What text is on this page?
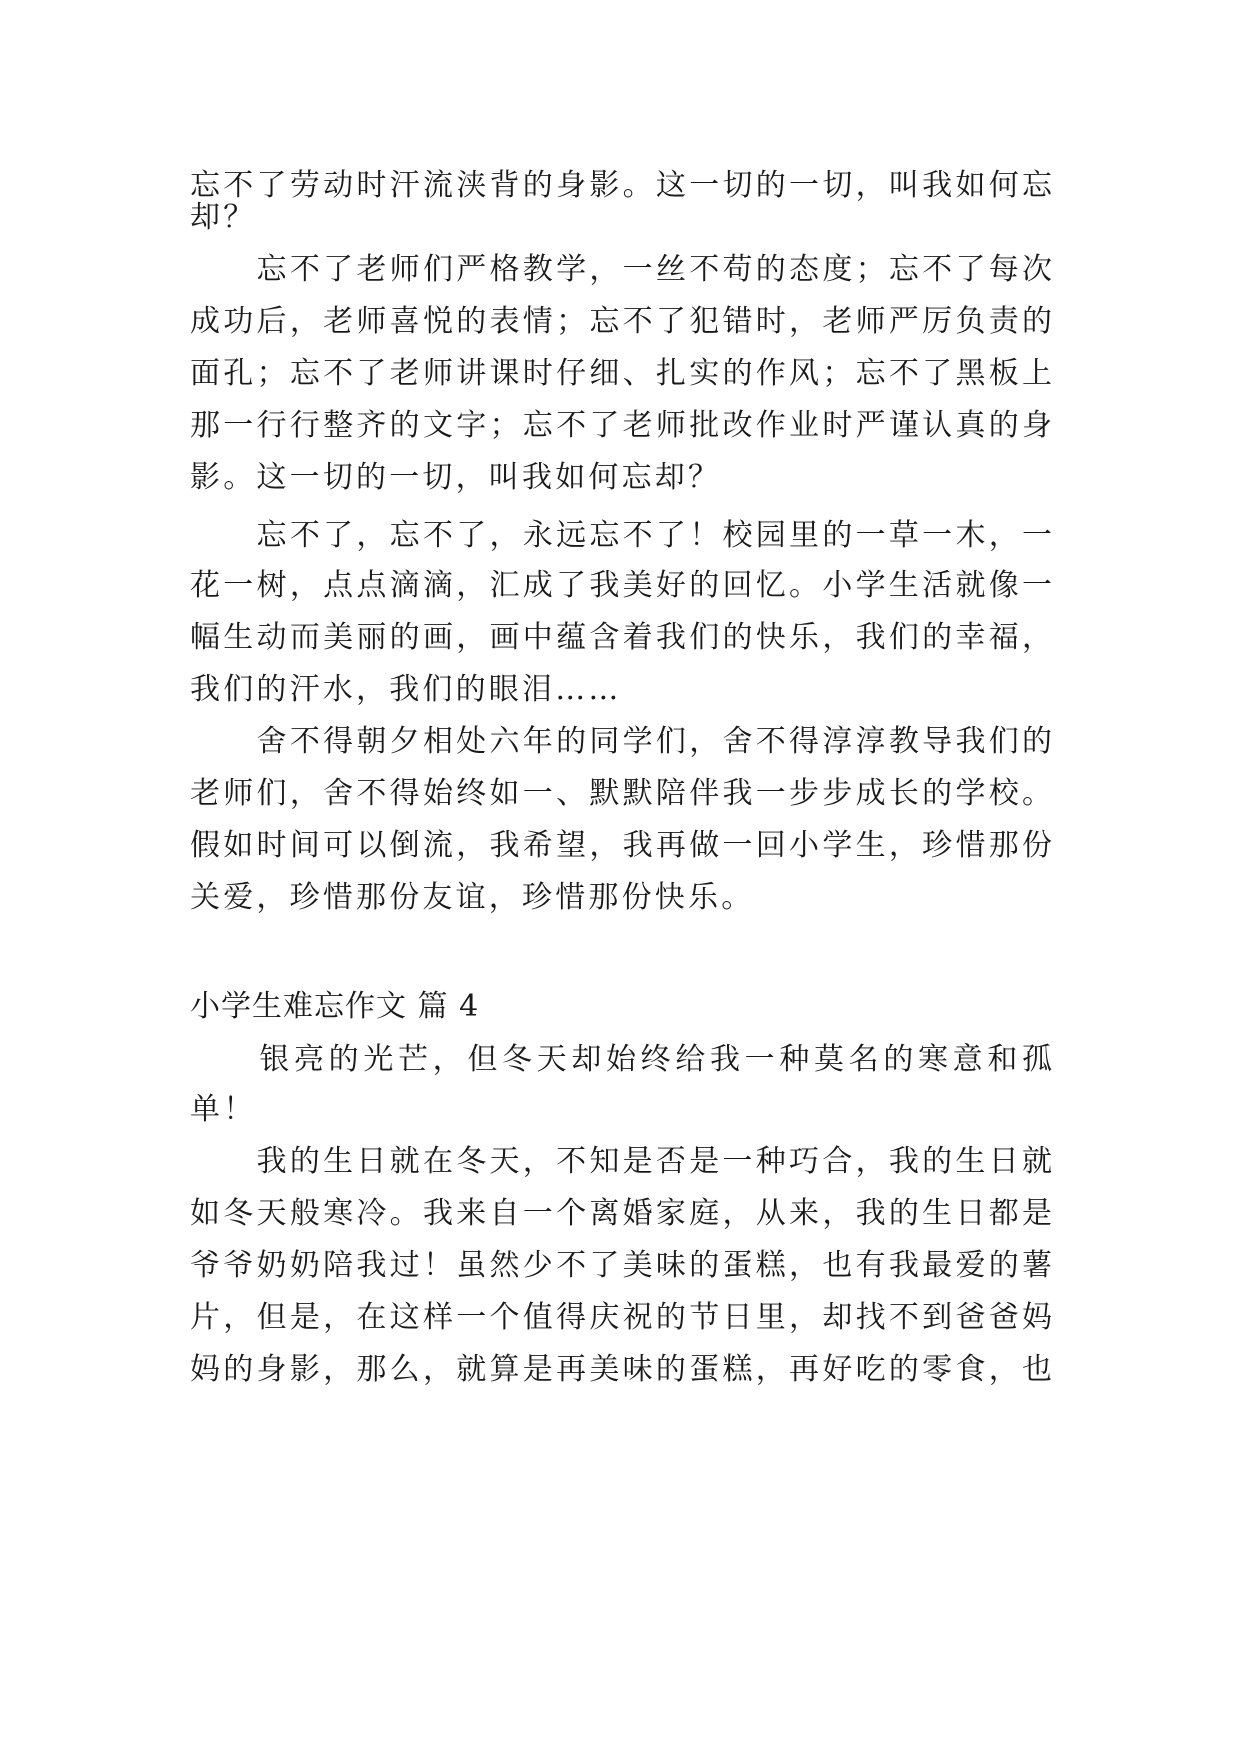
忘不了劳动时汗流浃背的身影。这一切的一切，叫我如何忘
却？
　　忘不了老师们严格教学，一丝不苟的态度；忘不了每次
成功后，老师喜悦的表情；忘不了犯错时，老师严厉负责的
面孔；忘不了老师讲课时仔细、扎实的作风；忘不了黑板上
那一行行整齐的文字；忘不了老师批改作业时严谨认真的身
影。这一切的一切，叫我如何忘却？
　　忘不了，忘不了，永远忘不了！校园里的一草一木，一
花一树，点点滴滴，汇成了我美好的回忆。小学生活就像一
幅生动而美丽的画，画中蕴含着我们的快乐，我们的幸福，
我们的汗水，我们的眼泪……
　　舍不得朝夕相处六年的同学们，舍不得淳淳教导我们的
老师们，舍不得始终如一、默默陪伴我一步步成长的学校。
假如时间可以倒流，我希望，我再做一回小学生，珍惜那份
关爱，珍惜那份友谊，珍惜那份快乐。
小学生难忘作文 篇 4
　　银亮的光芒，但冬天却始终给我一种莫名的寒意和孤
单！
　　我的生日就在冬天，不知是否是一种巧合，我的生日就
如冬天般寒冷。我来自一个离婚家庭，从来，我的生日都是
爷爷奶奶陪我过！虽然少不了美味的蛋糕，也有我最爱的薯
片，但是，在这样一个值得庆祝的节日里，却找不到爸爸妈
妈的身影，那么，就算是再美味的蛋糕，再好吃的零食，也
